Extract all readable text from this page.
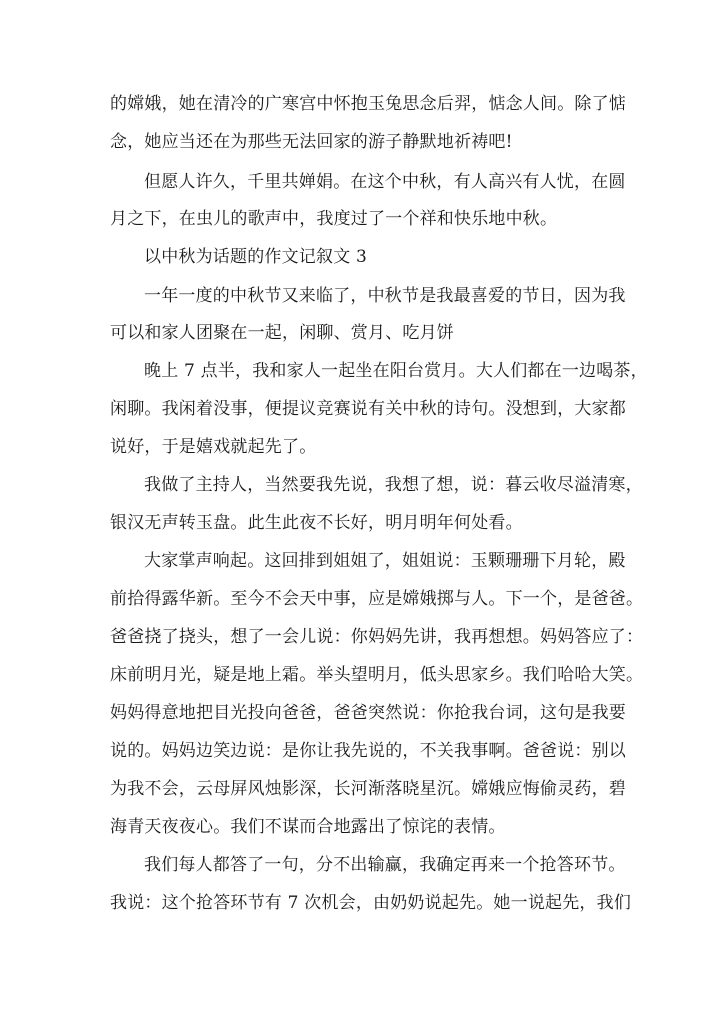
的嫦娥，她在清冷的广寒宫中怀抱玉兔思念后羿，惦念人间。除了惦
念，她应当还在为那些无法回家的游子静默地祈祷吧!
但愿人许久，千里共婵娟。在这个中秋，有人高兴有人忧，在圆
月之下，在虫儿的歌声中，我度过了一个祥和快乐地中秋。
以中秋为话题的作文记叙文 3
一年一度的中秋节又来临了，中秋节是我最喜爱的节日，因为我
可以和家人团聚在一起，闲聊、赏月、吃月饼
晚上 7 点半，我和家人一起坐在阳台赏月。大人们都在一边喝茶，
闲聊。我闲着没事，便提议竞赛说有关中秋的诗句。没想到，大家都
说好，于是嬉戏就起先了。
我做了主持人，当然要我先说，我想了想，说：暮云收尽溢清寒，
银汉无声转玉盘。此生此夜不长好，明月明年何处看。
大家掌声响起。这回排到姐姐了，姐姐说：玉颗珊珊下月轮，殿
前拾得露华新。至今不会天中事，应是嫦娥掷与人。下一个，是爸爸。
爸爸挠了挠头，想了一会儿说：你妈妈先讲，我再想想。妈妈答应了：
床前明月光，疑是地上霜。举头望明月，低头思家乡。我们哈哈大笑。
妈妈得意地把目光投向爸爸，爸爸突然说：你抢我台词，这句是我要
说的。妈妈边笑边说：是你让我先说的，不关我事啊。爸爸说：别以
为我不会，云母屏风烛影深，长河渐落晓星沉。嫦娥应悔偷灵药，碧
海青天夜夜心。我们不谋而合地露出了惊诧的表情。
我们每人都答了一句，分不出输赢，我确定再来一个抢答环节。
我说：这个抢答环节有 7 次机会，由奶奶说起先。她一说起先，我们
